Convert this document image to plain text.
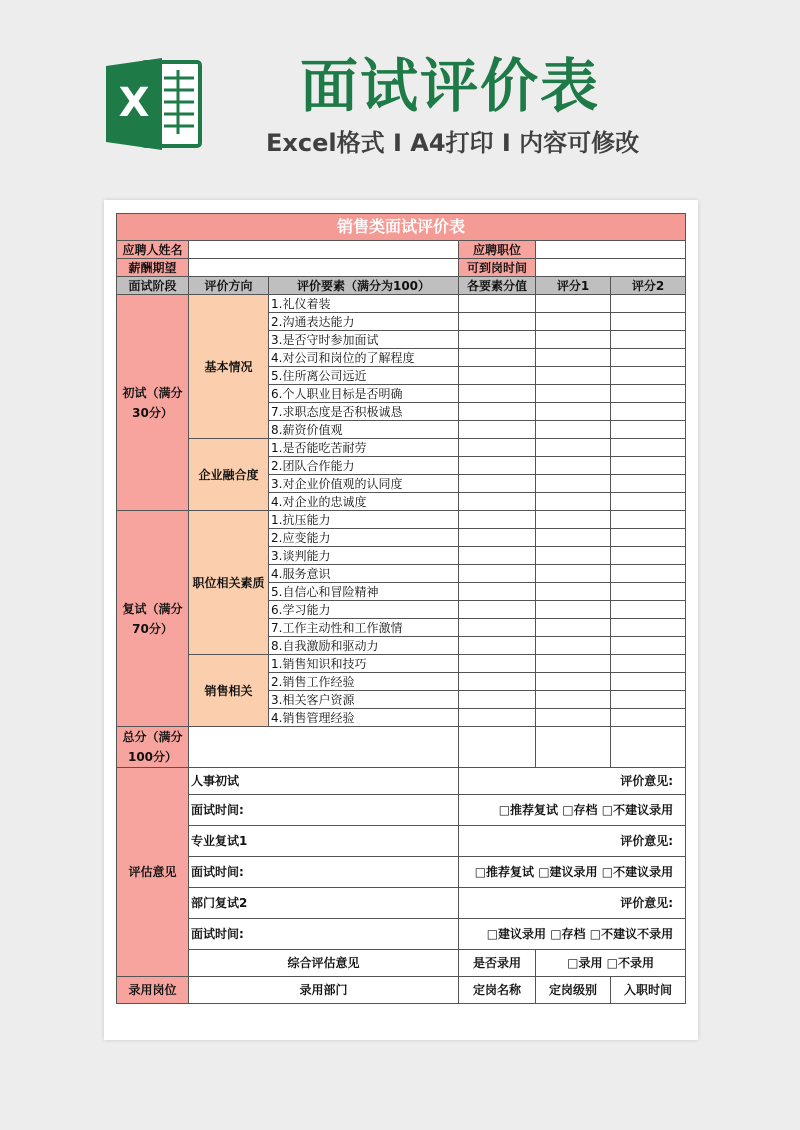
X	面试评价表
Excel格式 I A4打印 I 内容可修改
销售类面试评价表					
应聘人姓名			应聘职位		
薪酬期望			可到岗时间		
面试阶段	评价方向	评价要素（满分为100）	各要素分值	评分1	评分2
初试（满分30分）	基本情况	1.礼仪着装			
		2.沟通表达能力			
		3.是否守时参加面试			
		4.对公司和岗位的了解程度			
		5.住所离公司远近			
		6.个人职业目标是否明确			
		7.求职态度是否积极诚恳			
		8.薪资价值观			
	企业融合度	1.是否能吃苦耐劳			
		2.团队合作能力			
		3.对企业价值观的认同度			
		4.对企业的忠诚度			
复试（满分70分）	职位相关素质	1.抗压能力			
		2.应变能力			
		3.谈判能力			
		4.服务意识			
		5.自信心和冒险精神			
		6.学习能力			
		7.工作主动性和工作激情			
		8.自我激励和驱动力			
	销售相关	1.销售知识和技巧			
		2.销售工作经验			
		3.相关客户资源			
		4.销售管理经验			
总分（满分100分）					
评估意见	人事初试		评价意见:		
	面试时间:		□推荐复试 □存档 □不建议录用		
	专业复试1		评价意见:		
	面试时间:		□推荐复试 □建议录用 □不建议录用		
	部门复试2		评价意见:		
	面试时间:		□建议录用 □存档 □不建议不录用		
	综合评估意见		是否录用	□录用 □不录用	
录用岗位	录用部门		定岗名称	定岗级别	入职时间
